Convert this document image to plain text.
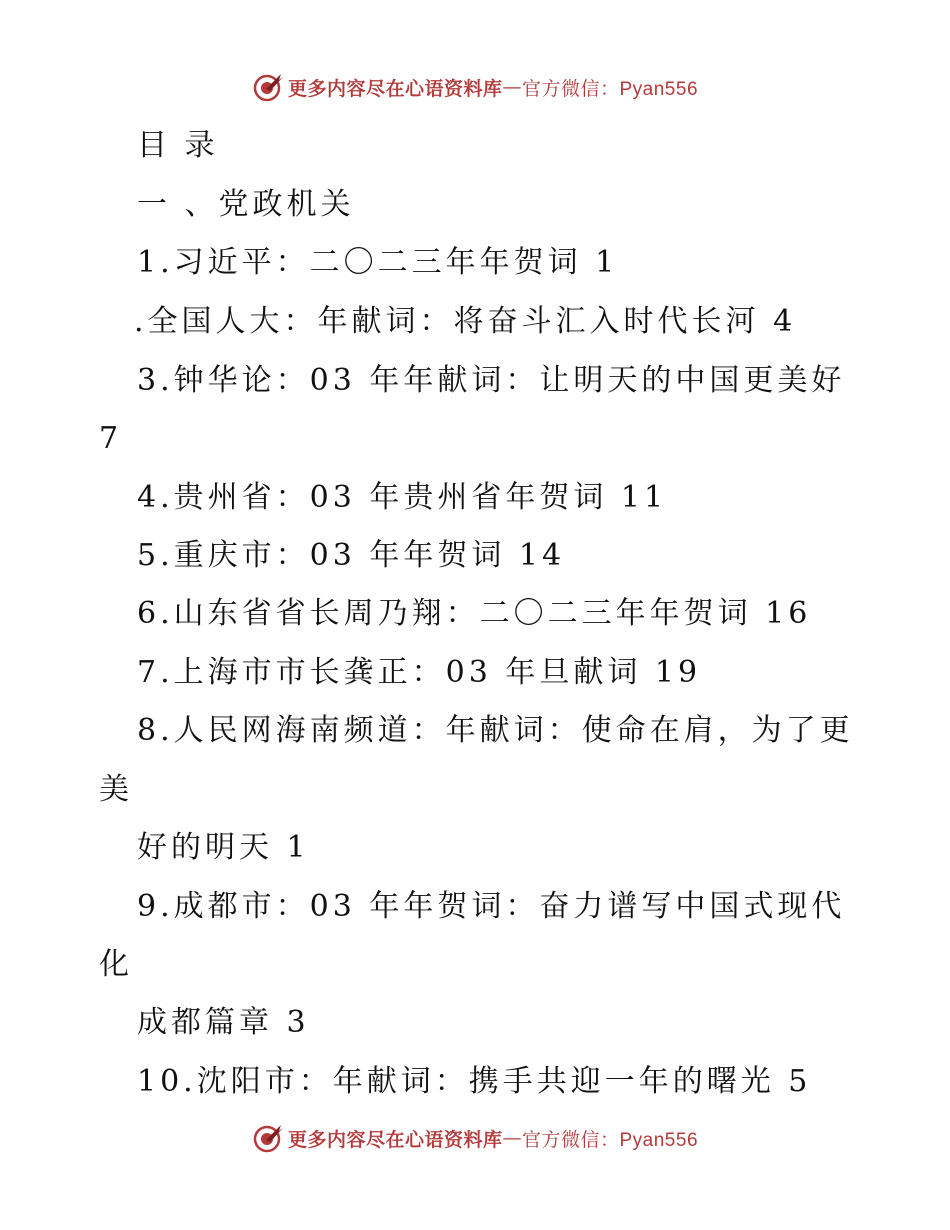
更多内容尽在心语资料库 — 官方微信：Pyan556
目 录
一 、党政机关
1.习近平：二〇二三年年贺词 1
.全国人大：年献词：将奋斗汇入时代长河 4
3.钟华论：03 年年献词：让明天的中国更美好
7
4.贵州省：03 年贵州省年贺词 11
5.重庆市：03 年年贺词 14
6.山东省省长周乃翔：二〇二三年年贺词 16
7.上海市市长龚正：03 年旦献词 19
8.人民网海南频道：年献词：使命在肩，为了更
美
好的明天 1
9.成都市：03 年年贺词：奋力谱写中国式现代
化
成都篇章 3
10.沈阳市：年献词：携手共迎一年的曙光 5
更多内容尽在心语资料库 — 官方微信：Pyan556
